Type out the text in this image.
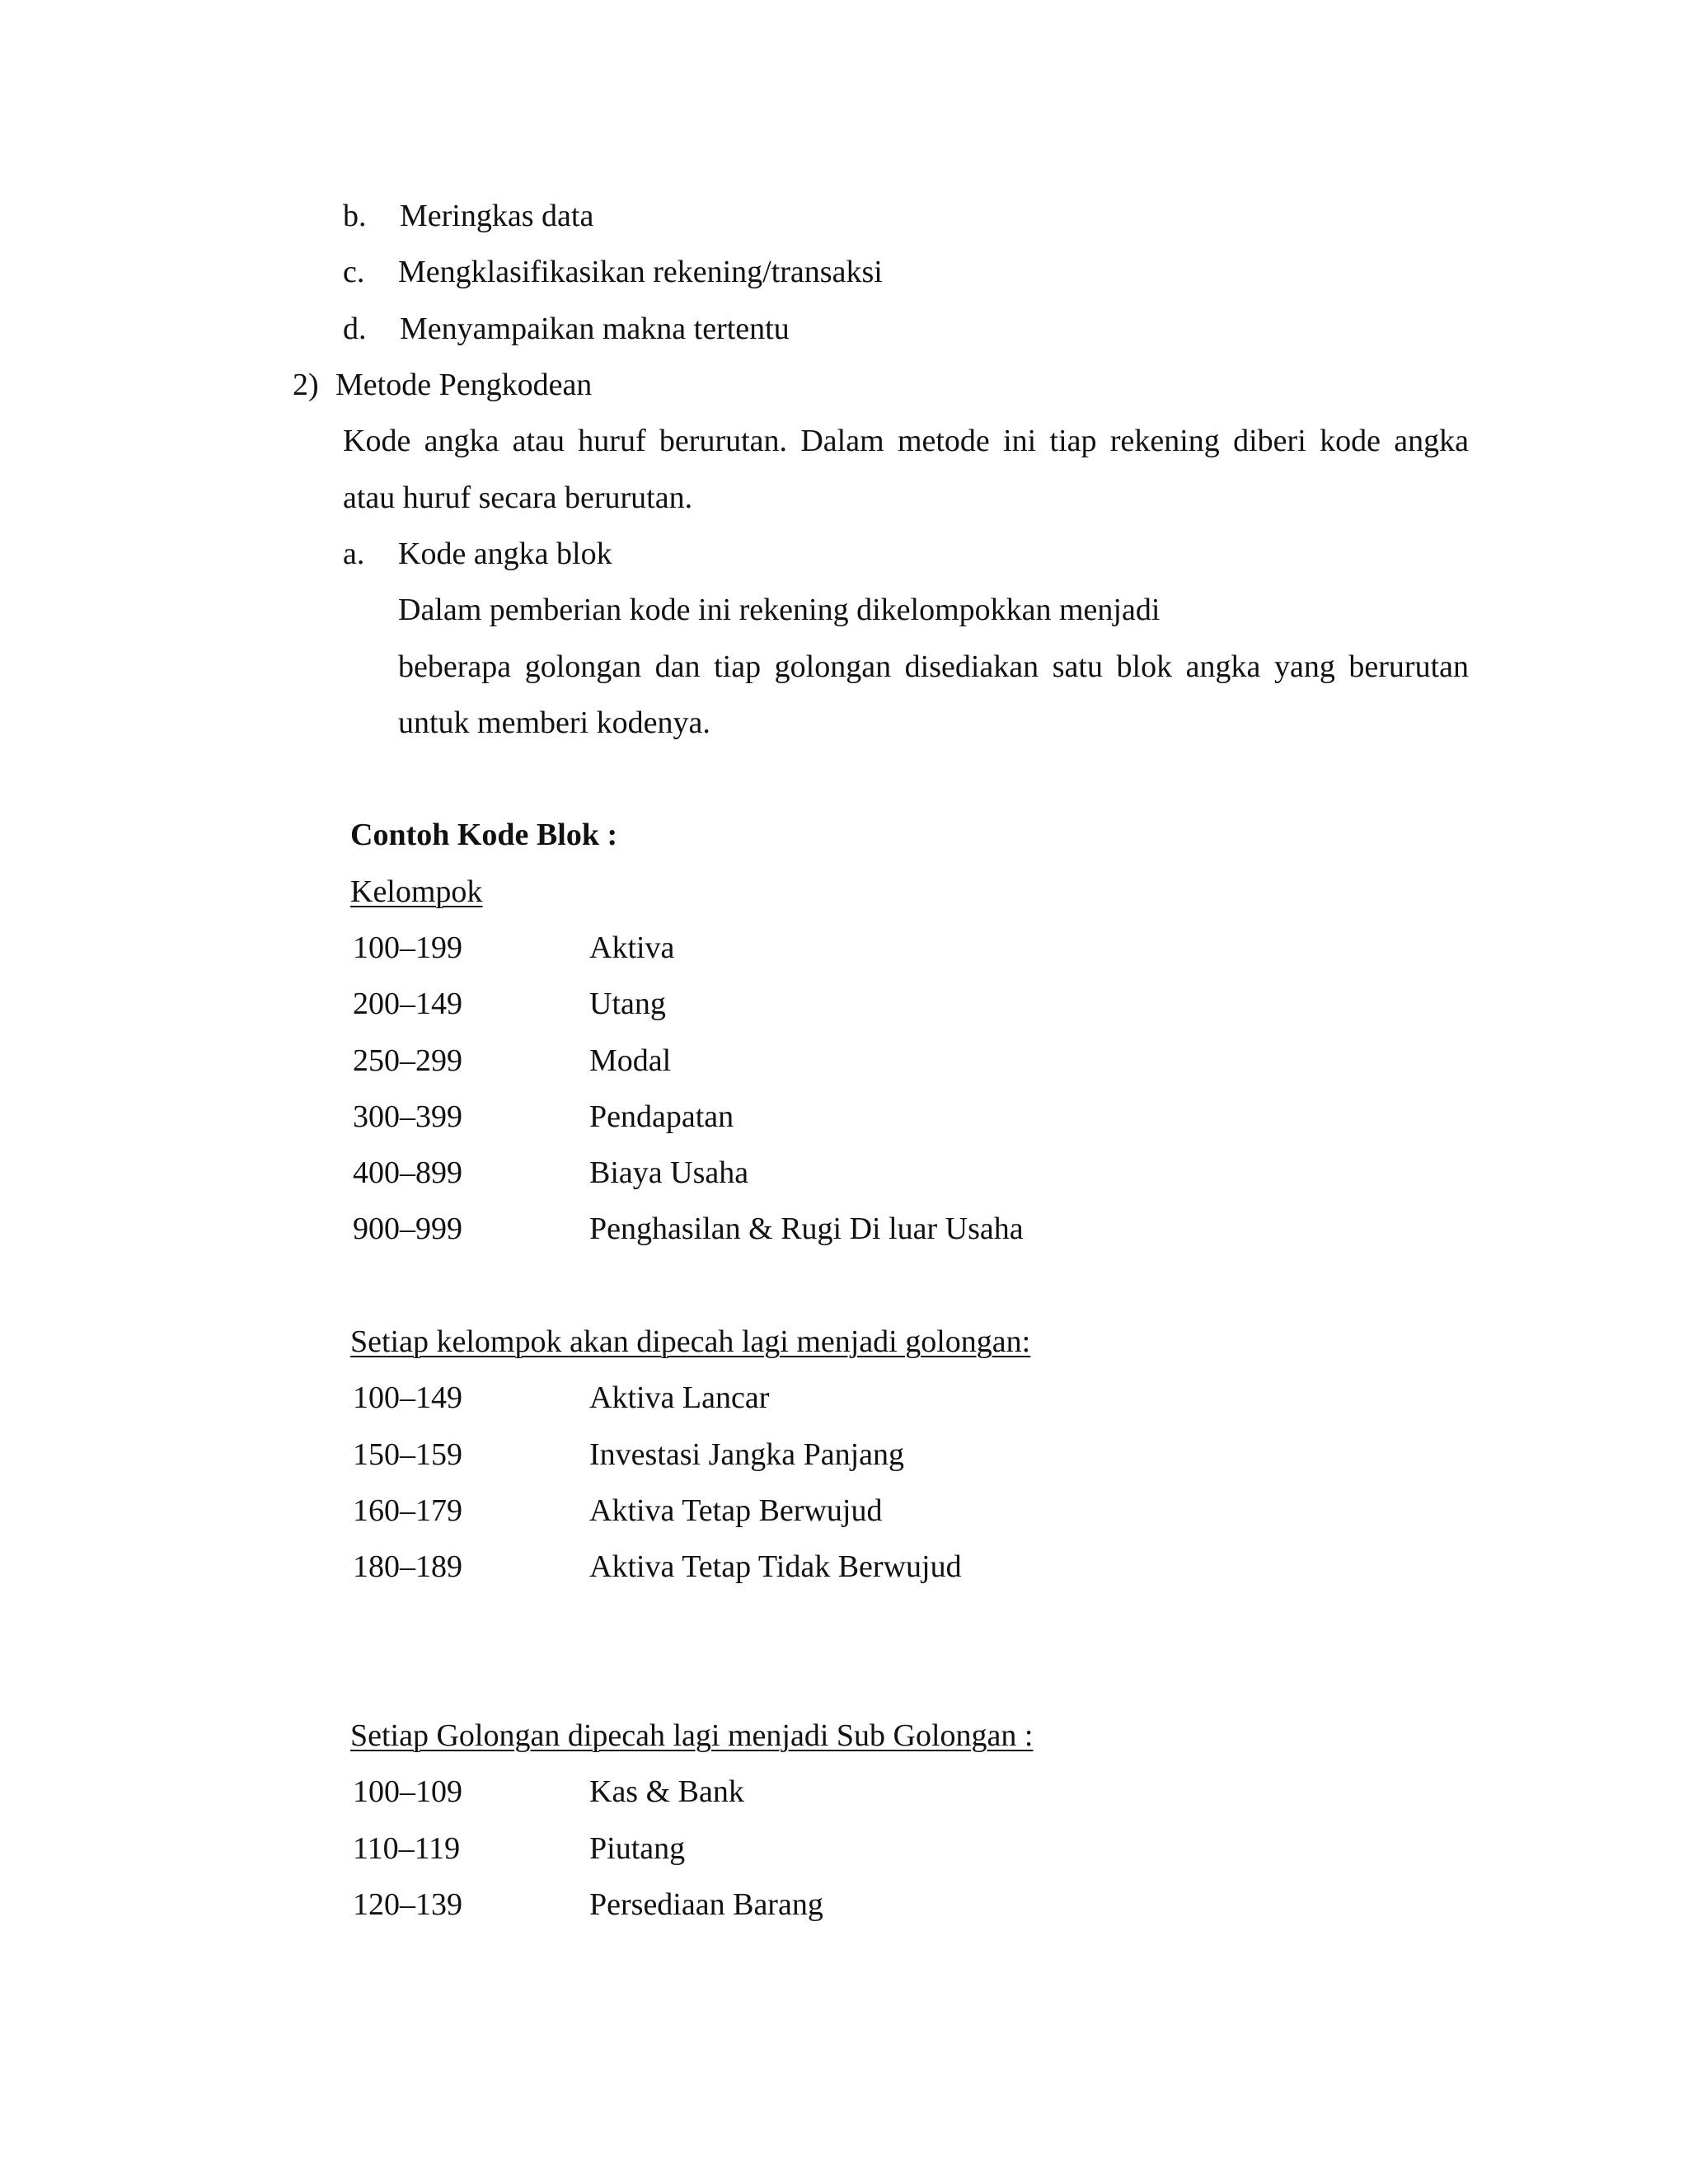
b. Meringkas data
c. Mengklasifikasikan rekening/transaksi
d. Menyampaikan makna tertentu
2) Metode Pengkodean
Kode angka atau huruf berurutan. Dalam metode ini tiap rekening diberi kode angka
atau huruf secara berurutan.
a. Kode angka blok
Dalam pemberian kode ini rekening dikelompokkan menjadi
beberapa golongan dan tiap golongan disediakan satu blok angka yang berurutan
untuk memberi kodenya.
Contoh Kode Blok :
Kelompok
100–199	Aktiva
200–149	Utang
250–299	Modal
300–399	Pendapatan
400–899	Biaya Usaha
900–999	Penghasilan & Rugi Di luar Usaha
Setiap kelompok akan dipecah lagi menjadi golongan:
100–149	Aktiva Lancar
150–159	Investasi Jangka Panjang
160–179	Aktiva Tetap Berwujud
180–189	Aktiva Tetap Tidak Berwujud
Setiap Golongan dipecah lagi menjadi Sub Golongan :
100–109	Kas & Bank
110–119	Piutang
120–139	Persediaan Barang
